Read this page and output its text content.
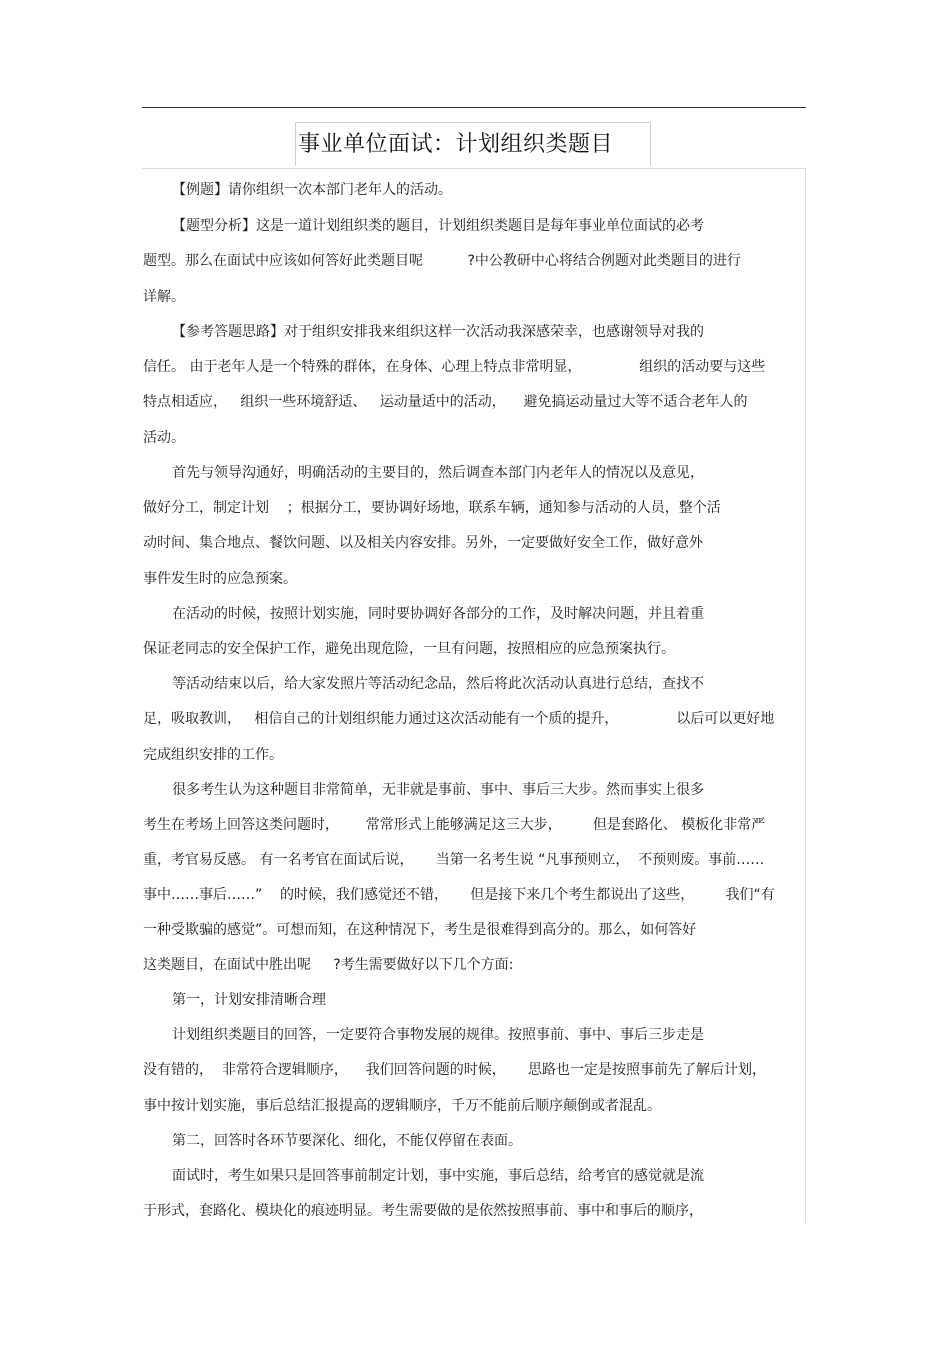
事业单位面试：计划组织类题目
【例题】请你组织一次本部门老年人的活动。
【题型分析】这是一道计划组织类的题目，计划组织类题目是每年事业单位面试的必考
题型。那么在面试中应该如何答好此类题目呢          ?中公教研中心将结合例题对此类题目的进行
详解。
【参考答题思路】对于组织安排我来组织这样一次活动我深感荣幸，也感谢领导对我的
信任。 由于老年人是一个特殊的群体，在身体、心理上特点非常明显，             组织的活动要与这些
特点相适应，   组织一些环境舒适、   运动量适中的活动，    避免搞运动量过大等不适合老年人的
活动。
首先与领导沟通好，明确活动的主要目的，然后调查本部门内老年人的情况以及意见，
做好分工，制定计划    ；根据分工，要协调好场地，联系车辆，通知参与活动的人员，整个活
动时间、集合地点、餐饮问题、以及相关内容安排。另外，一定要做好安全工作，做好意外
事件发生时的应急预案。
在活动的时候，按照计划实施，同时要协调好各部分的工作，及时解决问题，并且着重
保证老同志的安全保护工作，避免出现危险，一旦有问题，按照相应的应急预案执行。
等活动结束以后，给大家发照片等活动纪念品，然后将此次活动认真进行总结，查找不
足，吸取教训，   相信自己的计划组织能力通过这次活动能有一个质的提升，             以后可以更好地
完成组织安排的工作。
很多考生认为这种题目非常简单，无非就是事前、事中、事后三大步。然而事实上很多
考生在考场上回答这类问题时，      常常形式上能够满足这三大步，       但是套路化、 模板化非常严
重，考官易反感。 有一名考官在面试后说，     当第一名考生说 “凡事预则立，  不预则废。事前……
事中……事后……”    的时候，我们感觉还不错，     但是接下来几个考生都说出了这些，       我们“有
一种受欺骗的感觉”。可想而知，在这种情况下，考生是很难得到高分的。那么，如何答好
这类题目，在面试中胜出呢     ?考生需要做好以下几个方面:
第一，计划安排清晰合理
计划组织类题目的回答，一定要符合事物发展的规律。按照事前、事中、事后三步走是
没有错的，  非常符合逻辑顺序，    我们回答问题的时候，     思路也一定是按照事前先了解后计划，
事中按计划实施，事后总结汇报提高的逻辑顺序，千万不能前后顺序颠倒或者混乱。
第二，回答时各环节要深化、细化，不能仅停留在表面。
面试时，考生如果只是回答事前制定计划，事中实施，事后总结，给考官的感觉就是流
于形式，套路化、模块化的痕迹明显。考生需要做的是依然按照事前、事中和事后的顺序，
